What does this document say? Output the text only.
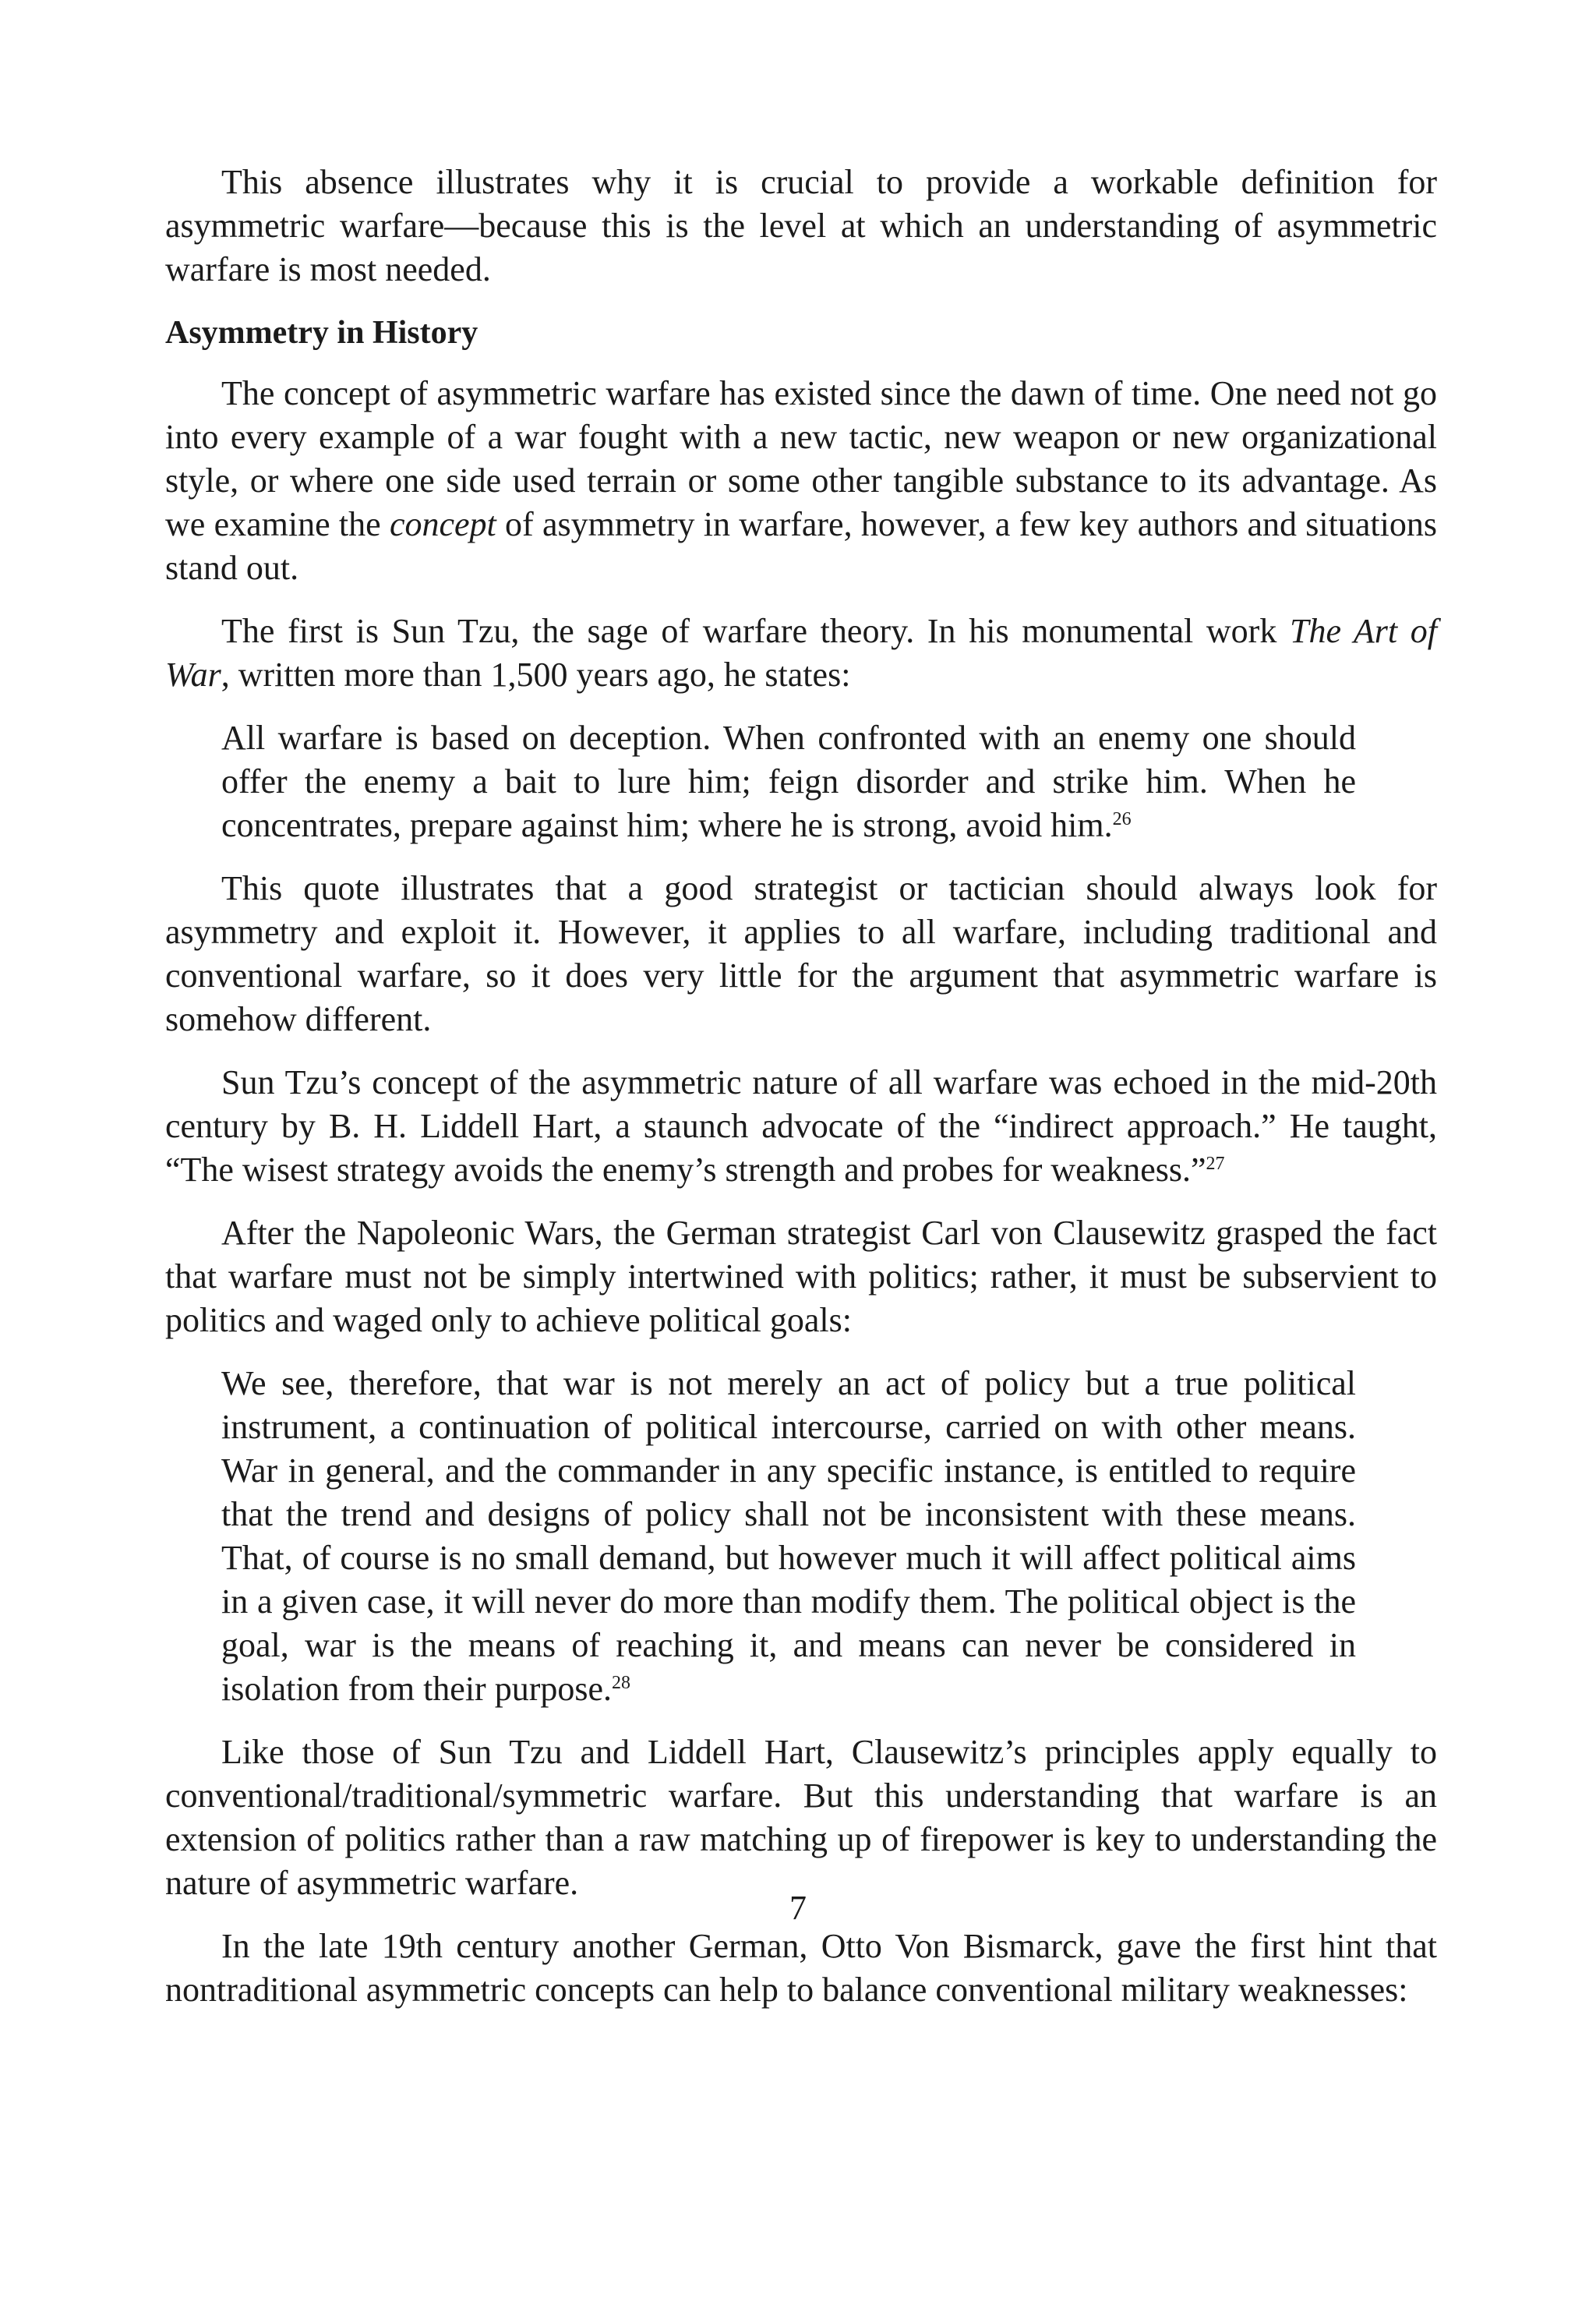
This absence illustrates why it is crucial to provide a workable definition for asymmetric warfare—because this is the level at which an understanding of asymmetric warfare is most needed.

Asymmetry in History

The concept of asymmetric warfare has existed since the dawn of time. One need not go into every example of a war fought with a new tactic, new weapon or new organizational style, or where one side used terrain or some other tangible substance to its advantage. As we examine the concept of asymmetry in warfare, however, a few key authors and situations stand out.

The first is Sun Tzu, the sage of warfare theory. In his monumental work The Art of War, written more than 1,500 years ago, he states:

All warfare is based on deception. When confronted with an enemy one should offer the enemy a bait to lure him; feign disorder and strike him. When he concentrates, prepare against him; where he is strong, avoid him.$^{26}$

This quote illustrates that a good strategist or tactician should always look for asymmetry and exploit it. However, it applies to all warfare, including traditional and conventional warfare, so it does very little for the argument that asymmetric warfare is somehow different.

Sun Tzu’s concept of the asymmetric nature of all warfare was echoed in the mid-20th century by B. H. Liddell Hart, a staunch advocate of the “indirect approach.” He taught, “The wisest strategy avoids the enemy’s strength and probes for weakness.”$^{27}$

After the Napoleonic Wars, the German strategist Carl von Clausewitz grasped the fact that warfare must not be simply intertwined with politics; rather, it must be subservient to politics and waged only to achieve political goals:

We see, therefore, that war is not merely an act of policy but a true political instrument, a continuation of political intercourse, carried on with other means. War in general, and the commander in any specific instance, is entitled to require that the trend and designs of policy shall not be inconsistent with these means. That, of course is no small demand, but however much it will affect political aims in a given case, it will never do more than modify them. The political object is the goal, war is the means of reaching it, and means can never be considered in isolation from their purpose.$^{28}$

Like those of Sun Tzu and Liddell Hart, Clausewitz’s principles apply equally to conventional/traditional/symmetric warfare. But this understanding that warfare is an extension of politics rather than a raw matching up of firepower is key to understanding the nature of asymmetric warfare.

In the late 19th century another German, Otto Von Bismarck, gave the first hint that nontraditional asymmetric concepts can help to balance conventional military weaknesses:

7
